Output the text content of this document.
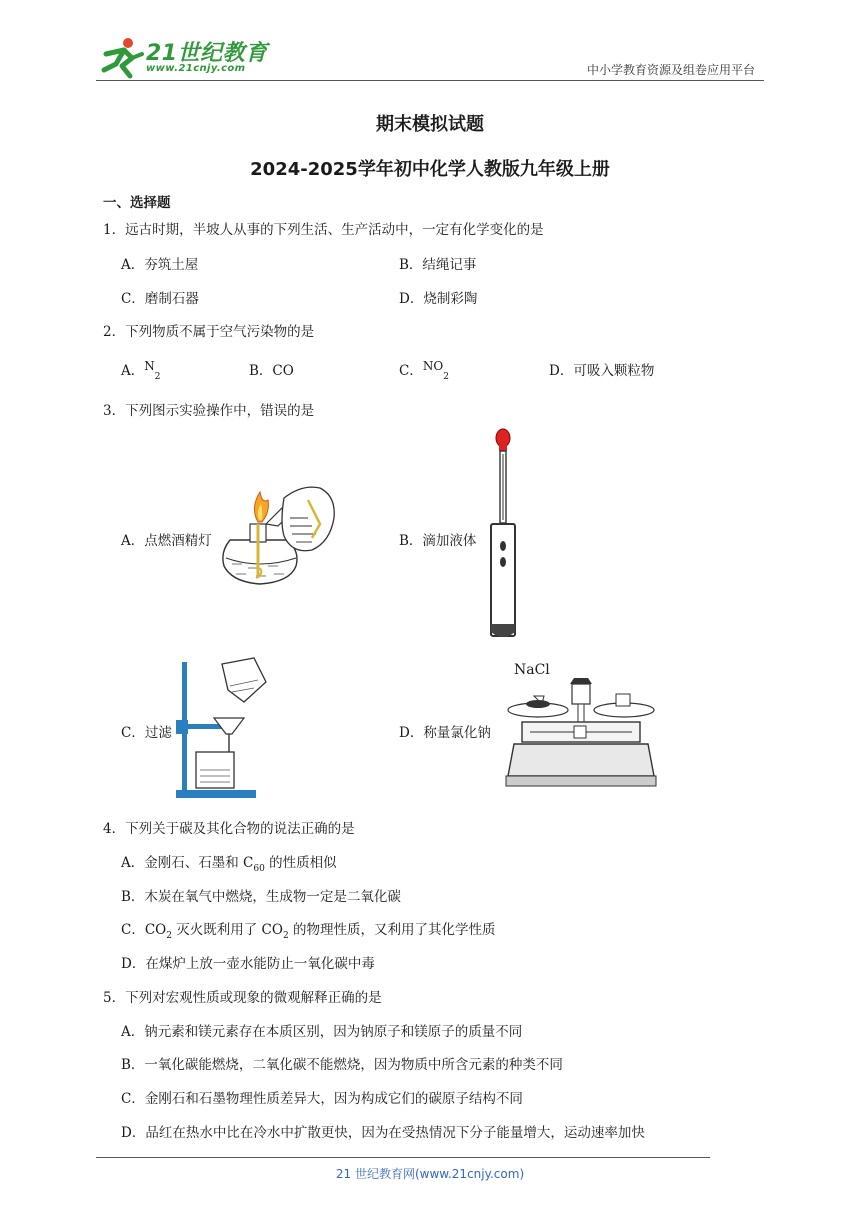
21世纪教育
www.21cnjy.com	中小学教育资源及组卷应用平台
期末模拟试题
2024-2025学年初中化学人教版九年级上册
一、选择题
1．远古时期，半坡人从事的下列生活、生产活动中，一定有化学变化的是
A．夯筑土屋	B．结绳记事
C．磨制石器	D．烧制彩陶
2．下列物质不属于空气污染物的是
A．$N_2$	B．CO	C．$NO_2$	D．可吸入颗粒物
3．下列图示实验操作中，错误的是
A．点燃酒精灯	B．滴加液体
C．过滤	D．称量氯化钠
NaCl
4．下列关于碳及其化合物的说法正确的是
A．金刚石、石墨和 $C_{60}$ 的性质相似
B．木炭在氧气中燃烧，生成物一定是二氧化碳
C．$CO_2$ 灭火既利用了 $CO_2$ 的物理性质，又利用了其化学性质
D．在煤炉上放一壶水能防止一氧化碳中毒
5．下列对宏观性质或现象的微观解释正确的是
A．钠元素和镁元素存在本质区别，因为钠原子和镁原子的质量不同
B．一氧化碳能燃烧，二氧化碳不能燃烧，因为物质中所含元素的种类不同
C．金刚石和石墨物理性质差异大，因为构成它们的碳原子结构不同
D．品红在热水中比在冷水中扩散更快，因为在受热情况下分子能量增大，运动速率加快
21 世纪教育网(www.21cnjy.com)
